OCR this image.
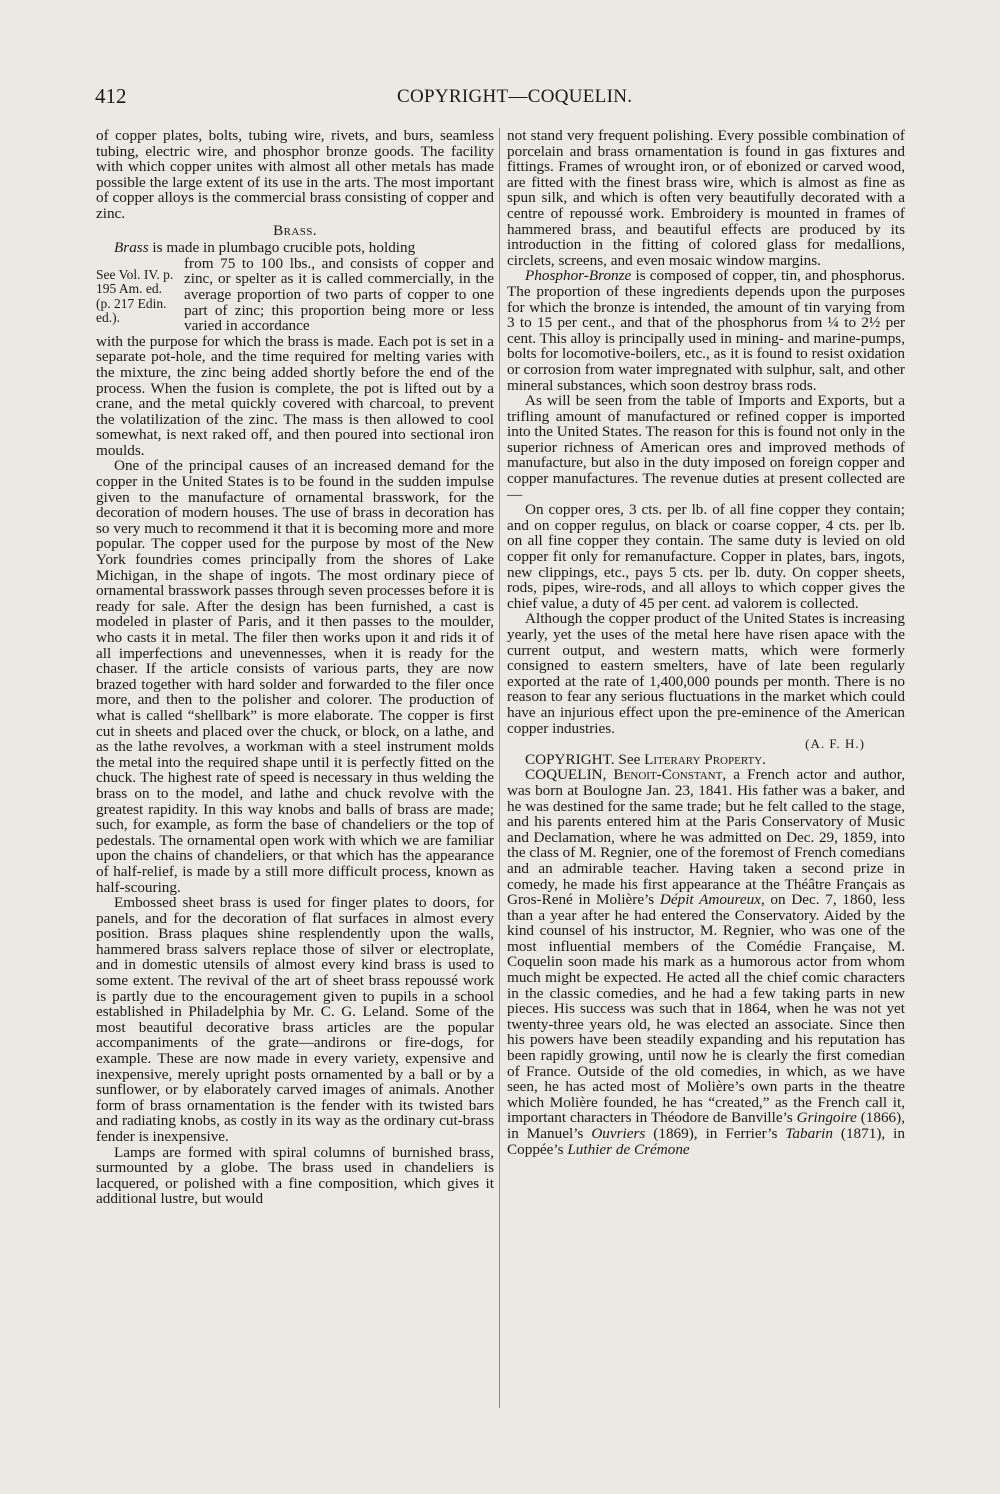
412	COPYRIGHT—COQUELIN.

of copper plates, bolts, tubing wire, rivets, and burs, seamless tubing, electric wire, and phosphor bronze goods. The facility with which copper unites with almost all other metals has made possible the large extent of its use in the arts. The most important of copper alloys is the commercial brass consisting of copper and zinc.

Brass.

Brass is made in plumbago crucible pots, holding

See Vol. IV. p. 195 Am. ed. (p. 217 Edin. ed.).

from 75 to 100 lbs., and consists of copper and zinc, or spelter as it is called commercially, in the average proportion of two parts of copper to one part of zinc; this proportion being more or less varied in accordance

with the purpose for which the brass is made. Each pot is set in a separate pot-hole, and the time required for melting varies with the mixture, the zinc being added shortly before the end of the process. When the fusion is complete, the pot is lifted out by a crane, and the metal quickly covered with charcoal, to prevent the volatilization of the zinc. The mass is then allowed to cool somewhat, is next raked off, and then poured into sectional iron moulds.

One of the principal causes of an increased demand for the copper in the United States is to be found in the sudden impulse given to the manufacture of ornamental brasswork, for the decoration of modern houses. The use of brass in decoration has so very much to recommend it that it is becoming more and more popular. The copper used for the purpose by most of the New York foundries comes principally from the shores of Lake Michigan, in the shape of ingots. The most ordinary piece of ornamental brasswork passes through seven processes before it is ready for sale. After the design has been furnished, a cast is modeled in plaster of Paris, and it then passes to the moulder, who casts it in metal. The filer then works upon it and rids it of all imperfections and unevennesses, when it is ready for the chaser. If the article consists of various parts, they are now brazed together with hard solder and forwarded to the filer once more, and then to the polisher and colorer. The production of what is called “shellbark” is more elaborate. The copper is first cut in sheets and placed over the chuck, or block, on a lathe, and as the lathe revolves, a workman with a steel instrument molds the metal into the required shape until it is perfectly fitted on the chuck. The highest rate of speed is necessary in thus welding the brass on to the model, and lathe and chuck revolve with the greatest rapidity. In this way knobs and balls of brass are made; such, for example, as form the base of chandeliers or the top of pedestals. The ornamental open work with which we are familiar upon the chains of chandeliers, or that which has the appearance of half-relief, is made by a still more difficult process, known as half-scouring.

Embossed sheet brass is used for finger plates to doors, for panels, and for the decoration of flat surfaces in almost every position. Brass plaques shine resplendently upon the walls, hammered brass salvers replace those of silver or electroplate, and in domestic utensils of almost every kind brass is used to some extent. The revival of the art of sheet brass repoussé work is partly due to the encouragement given to pupils in a school established in Philadelphia by Mr. C. G. Leland. Some of the most beautiful decorative brass articles are the popular accompaniments of the grate—andirons or fire-dogs, for example. These are now made in every variety, expensive and inexpensive, merely upright posts ornamented by a ball or by a sunflower, or by elaborately carved images of animals. Another form of brass ornamentation is the fender with its twisted bars and radiating knobs, as costly in its way as the ordinary cut-brass fender is inexpensive.

Lamps are formed with spiral columns of burnished brass, surmounted by a globe. The brass used in chandeliers is lacquered, or polished with a fine composition, which gives it additional lustre, but would

not stand very frequent polishing. Every possible combination of porcelain and brass ornamentation is found in gas fixtures and fittings. Frames of wrought iron, or of ebonized or carved wood, are fitted with the finest brass wire, which is almost as fine as spun silk, and which is often very beautifully decorated with a centre of repoussé work. Embroidery is mounted in frames of hammered brass, and beautiful effects are produced by its introduction in the fitting of colored glass for medallions, circlets, screens, and even mosaic window margins.

Phosphor-Bronze is composed of copper, tin, and phosphorus. The proportion of these ingredients depends upon the purposes for which the bronze is intended, the amount of tin varying from 3 to 15 per cent., and that of the phosphorus from ¼ to 2½ per cent. This alloy is principally used in mining- and marine-pumps, bolts for locomotive-boilers, etc., as it is found to resist oxidation or corrosion from water impregnated with sulphur, salt, and other mineral substances, which soon destroy brass rods.

As will be seen from the table of Imports and Exports, but a trifling amount of manufactured or refined copper is imported into the United States. The reason for this is found not only in the superior richness of American ores and improved methods of manufacture, but also in the duty imposed on foreign copper and copper manufactures. The revenue duties at present collected are—

On copper ores, 3 cts. per lb. of all fine copper they contain; and on copper regulus, on black or coarse copper, 4 cts. per lb. on all fine copper they contain. The same duty is levied on old copper fit only for remanufacture. Copper in plates, bars, ingots, new clippings, etc., pays 5 cts. per lb. duty. On copper sheets, rods, pipes, wire-rods, and all alloys to which copper gives the chief value, a duty of 45 per cent. ad valorem is collected.

Although the copper product of the United States is increasing yearly, yet the uses of the metal here have risen apace with the current output, and western matts, which were formerly consigned to eastern smelters, have of late been regularly exported at the rate of 1,400,000 pounds per month. There is no reason to fear any serious fluctuations in the market which could have an injurious effect upon the pre-eminence of the American copper industries.

(A. F. H.)

COPYRIGHT. See Literary Property.

COQUELIN, Benoit-Constant, a French actor and author, was born at Boulogne Jan. 23, 1841. His father was a baker, and he was destined for the same trade; but he felt called to the stage, and his parents entered him at the Paris Conservatory of Music and Declamation, where he was admitted on Dec. 29, 1859, into the class of M. Regnier, one of the foremost of French comedians and an admirable teacher. Having taken a second prize in comedy, he made his first appearance at the Théâtre Français as Gros-René in Molière’s Dépit Amoureux, on Dec. 7, 1860, less than a year after he had entered the Conservatory. Aided by the kind counsel of his instructor, M. Regnier, who was one of the most influential members of the Comédie Française, M. Coquelin soon made his mark as a humorous actor from whom much might be expected. He acted all the chief comic characters in the classic comedies, and he had a few taking parts in new pieces. His success was such that in 1864, when he was not yet twenty-three years old, he was elected an associate. Since then his powers have been steadily expanding and his reputation has been rapidly growing, until now he is clearly the first comedian of France. Outside of the old comedies, in which, as we have seen, he has acted most of Molière’s own parts in the theatre which Molière founded, he has “created,” as the French call it, important characters in Théodore de Banville’s Gringoire (1866), in Manuel’s Ouvriers (1869), in Ferrier’s Tabarin (1871), in Coppée’s Luthier de Crémone
